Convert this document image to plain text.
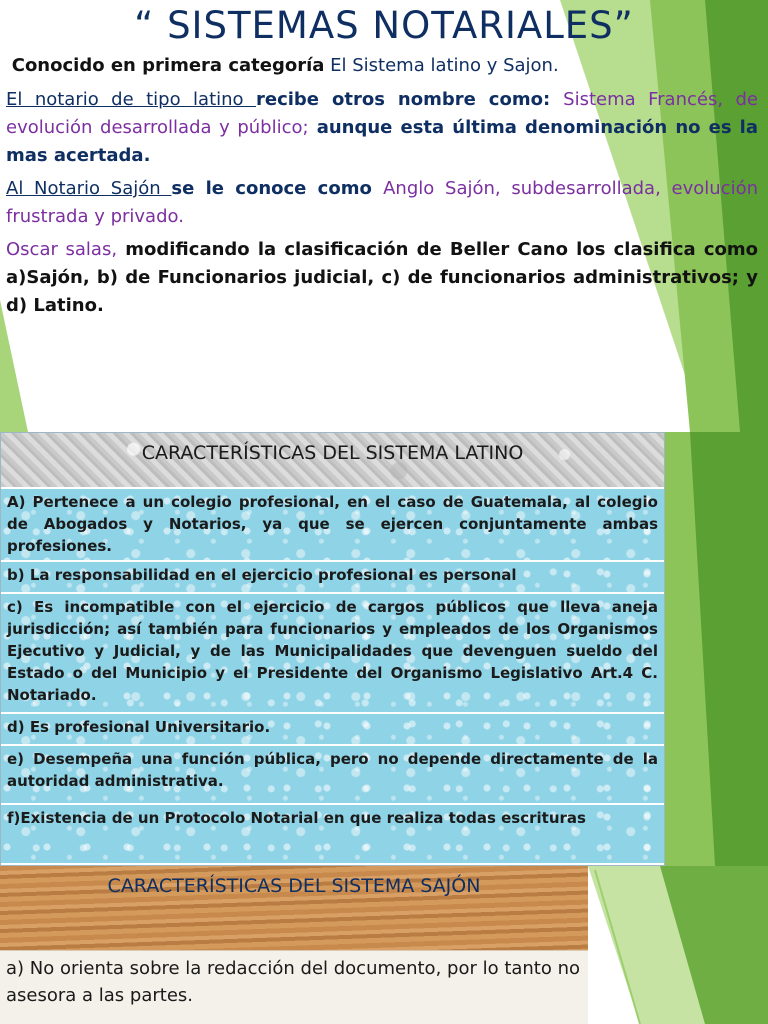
“ SISTEMAS NOTARIALES”
Conocido en primera categoría El Sistema latino y Sajon.
El notario de tipo latino recibe otros nombre como: Sistema Francés, de evolución desarrollada y público; aunque esta última denominación no es la mas acertada.
Al Notario Sajón se le conoce como Anglo Sajón, subdesarrollada, evolución frustrada y privado.
Oscar salas, modificando la clasificación de Beller Cano los clasifica como a)Sajón, b) de Funcionarios judicial, c) de funcionarios administrativos; y d) Latino.
CARACTERÍSTICAS DEL SISTEMA LATINO
A) Pertenece a un colegio profesional, en el caso de Guatemala, al colegio de Abogados y Notarios, ya que se ejercen conjuntamente ambas profesiones.
b) La responsabilidad en el ejercicio profesional es personal
c) Es incompatible con el ejercicio de cargos públicos que lleva aneja jurisdicción; así también para funcionarios y empleados de los Organismos Ejecutivo y Judicial, y de las Municipalidades que devenguen sueldo del Estado o del Municipio y el Presidente del Organismo Legislativo Art.4 C. Notariado.
d) Es profesional Universitario.
e) Desempeña una función pública, pero no depende directamente de la autoridad administrativa.
f)Existencia de un Protocolo Notarial en que realiza todas escrituras
CARACTERÍSTICAS DEL SISTEMA SAJÓN
a) No orienta sobre la redacción del documento, por lo tanto no asesora a las partes.
